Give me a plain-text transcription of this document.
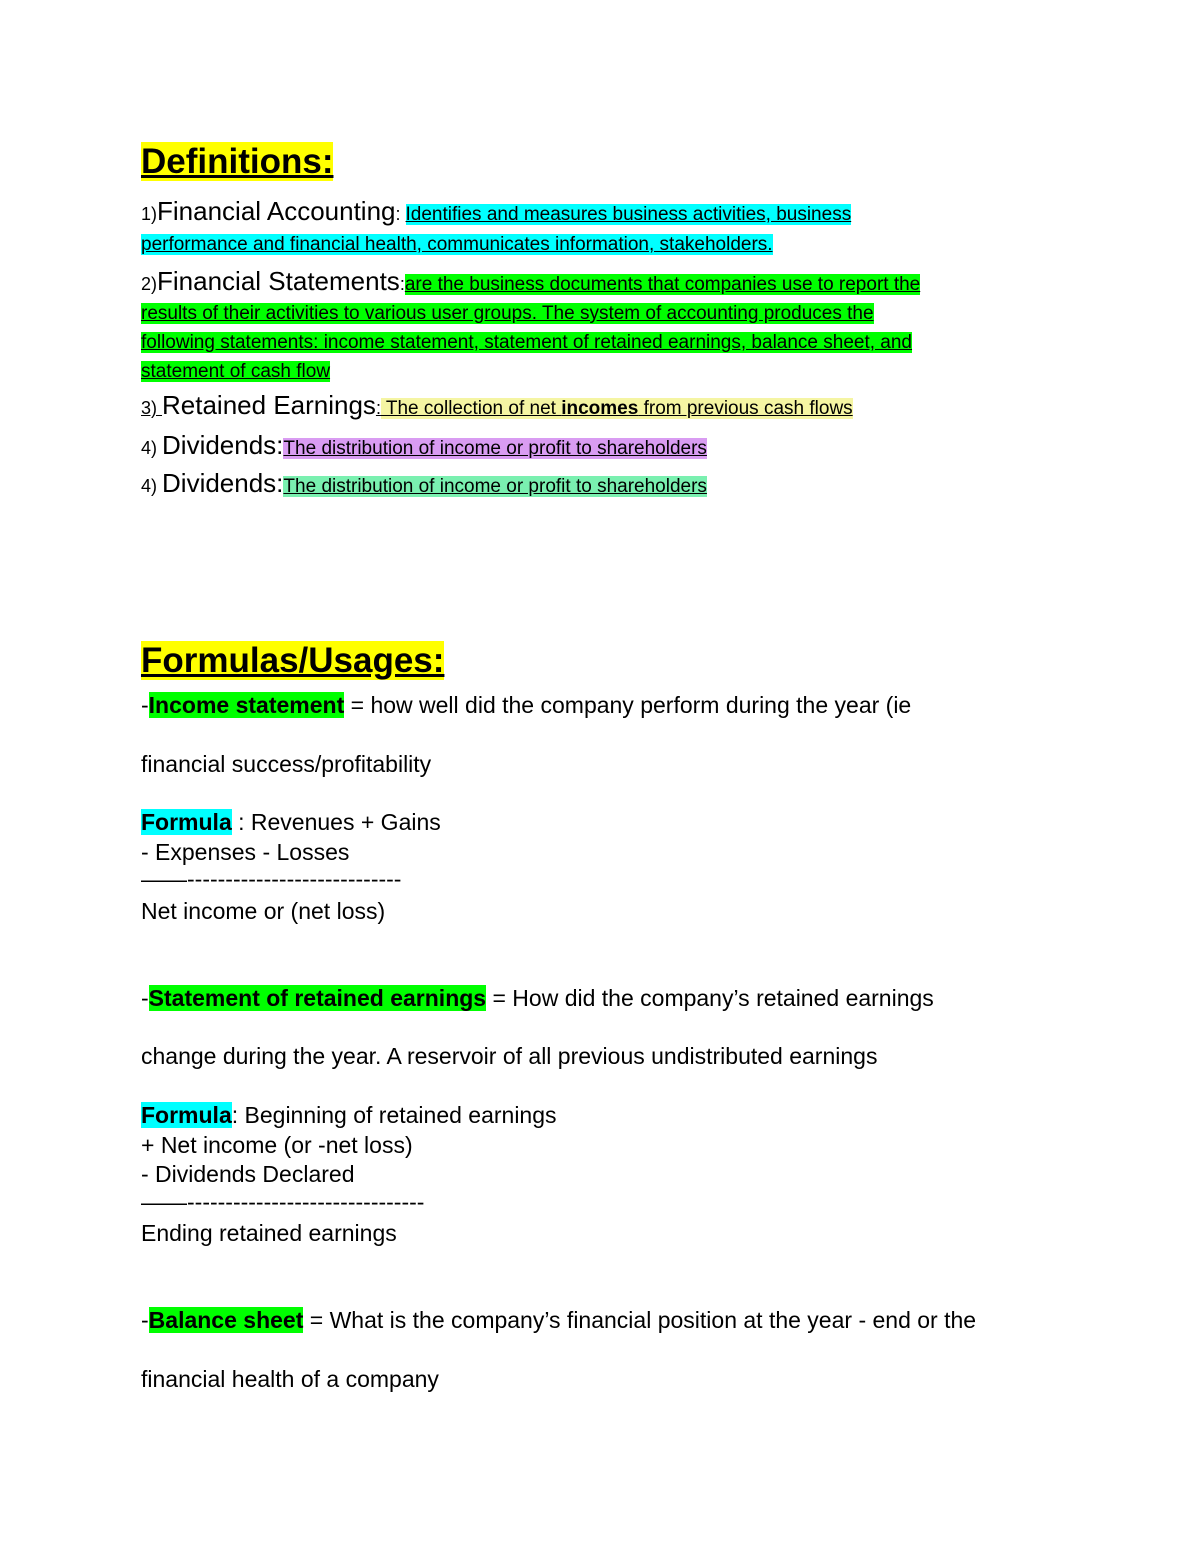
Definitions:
1)Financial Accounting: Identifies and measures business activities, business
performance and financial health, communicates information, stakeholders.
2)Financial Statements:are the business documents that companies use to report the
results of their activities to various user groups. The system of accounting produces the
following statements: income statement, statement of retained earnings, balance sheet, and
statement of cash flow
3) Retained Earnings: The collection of net incomes from previous cash flows
4) Dividends:The distribution of income or profit to shareholders
4) Dividends:The distribution of income or profit to shareholders
Formulas/Usages:
-Income statement = how well did the company perform during the year (ie
financial success/profitability
Formula : Revenues + Gains
- Expenses - Losses
——----------------------------
Net income or (net loss)
-Statement of retained earnings = How did the company’s retained earnings
change during the year. A reservoir of all previous undistributed earnings
Formula: Beginning of retained earnings
+ Net income (or -net loss)
- Dividends Declared
——-------------------------------
Ending retained earnings
-Balance sheet = What is the company’s financial position at the year - end or the
financial health of a company
